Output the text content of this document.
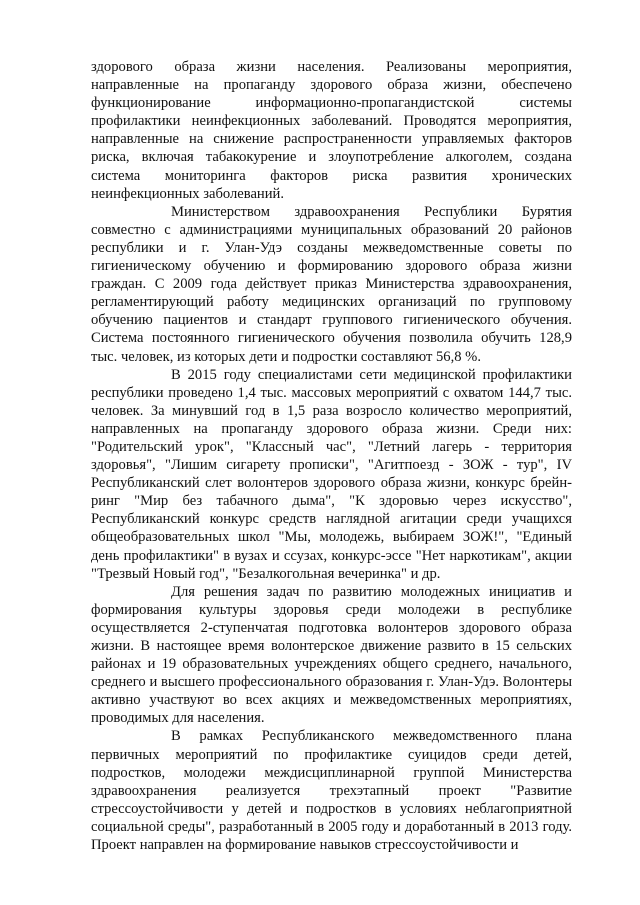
здорового образа жизни населения. Реализованы мероприятия, направленные на пропаганду здорового образа жизни, обеспечено функционирование информационно-пропагандистской системы профилактики неинфекционных заболеваний. Проводятся мероприятия, направленные на снижение распространенности управляемых факторов риска, включая табакокурение и злоупотребление алкоголем, создана система мониторинга факторов риска развития хронических неинфекционных заболеваний.

Министерством здравоохранения Республики Бурятия совместно с администрациями муниципальных образований 20 районов республики и г. Улан-Удэ созданы межведомственные советы по гигиеническому обучению и формированию здорового образа жизни граждан. С 2009 года действует приказ Министерства здравоохранения, регламентирующий работу медицинских организаций по групповому обучению пациентов и стандарт группового гигиенического обучения. Система постоянного гигиенического обучения позволила обучить 128,9 тыс. человек, из которых дети и подростки составляют 56,8 %.

В 2015 году специалистами сети медицинской профилактики республики проведено 1,4 тыс. массовых мероприятий с охватом 144,7 тыс. человек. За минувший год в 1,5 раза возросло количество мероприятий, направленных на пропаганду здорового образа жизни. Среди них: "Родительский урок", "Классный час", "Летний лагерь - территория здоровья", "Лишим сигарету прописки", "Агитпоезд - ЗОЖ - тур", IV Республиканский слет волонтеров здорового образа жизни, конкурс брейн-ринг "Мир без табачного дыма", "К здоровью через искусство", Республиканский конкурс средств наглядной агитации среди учащихся общеобразовательных школ "Мы, молодежь, выбираем ЗОЖ!", "Единый день профилактики" в вузах и ссузах, конкурс-эссе "Нет наркотикам", акции "Трезвый Новый год", "Безалкогольная вечеринка" и др.

Для решения задач по развитию молодежных инициатив и формирования культуры здоровья среди молодежи в республике осуществляется 2-ступенчатая подготовка волонтеров здорового образа жизни. В настоящее время волонтерское движение развито в 15 сельских районах и 19 образовательных учреждениях общего среднего, начального, среднего и высшего профессионального образования г. Улан-Удэ. Волонтеры активно участвуют во всех акциях и межведомственных мероприятиях, проводимых для населения.

В рамках Республиканского межведомственного плана первичных мероприятий по профилактике суицидов среди детей, подростков, молодежи междисциплинарной группой Министерства здравоохранения реализуется трехэтапный проект "Развитие стрессоустойчивости у детей и подростков в условиях неблагоприятной социальной среды", разработанный в 2005 году и доработанный в 2013 году. Проект направлен на формирование навыков стрессоустойчивости и
